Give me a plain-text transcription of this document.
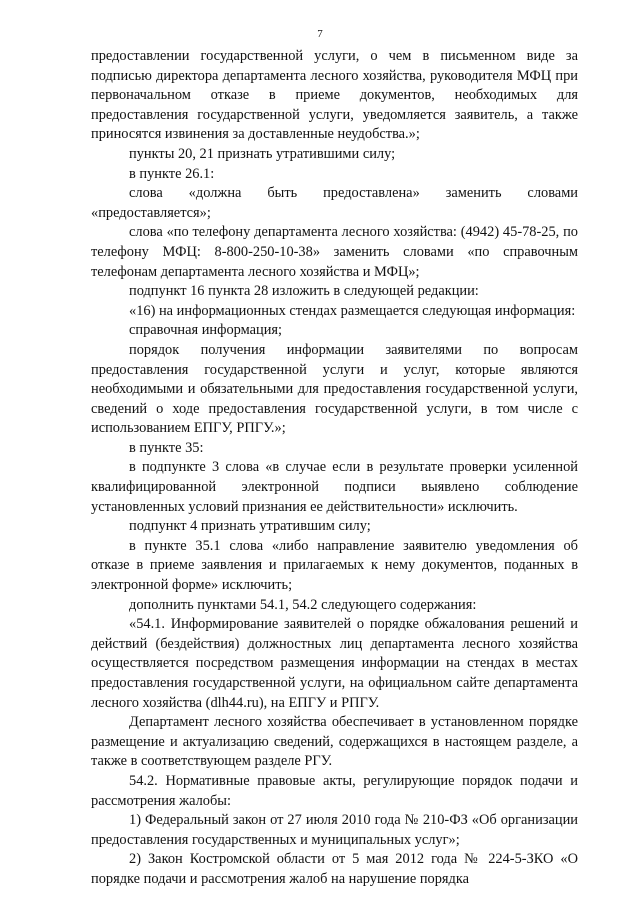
7

предоставлении государственной услуги, о чем в письменном виде за подписью директора департамента лесного хозяйства, руководителя МФЦ при первоначальном отказе в приеме документов, необходимых для предоставления государственной услуги, уведомляется заявитель, а также приносятся извинения за доставленные неудобства.»;

пункты 20, 21 признать утратившими силу;

в пункте 26.1:

слова «должна быть предоставлена» заменить словами «предоставляется»;

слова «по телефону департамента лесного хозяйства: (4942) 45-78-25, по телефону МФЦ: 8-800-250-10-38» заменить словами «по справочным телефонам департамента лесного хозяйства и МФЦ»;

подпункт 16 пункта 28 изложить в следующей редакции:

«16) на информационных стендах размещается следующая информация:

справочная информация;

порядок получения информации заявителями по вопросам предоставления государственной услуги и услуг, которые являются необходимыми и обязательными для предоставления государственной услуги, сведений о ходе предоставления государственной услуги, в том числе с использованием ЕПГУ, РПГУ.»;

в пункте 35:

в подпункте 3 слова «в случае если в результате проверки усиленной квалифицированной электронной подписи выявлено соблюдение установленных условий признания ее действительности» исключить.

подпункт 4 признать утратившим силу;

в пункте 35.1 слова «либо направление заявителю уведомления об отказе в приеме заявления и прилагаемых к нему документов, поданных в электронной форме» исключить;

дополнить пунктами 54.1, 54.2 следующего содержания:

«54.1. Информирование заявителей о порядке обжалования решений и действий (бездействия) должностных лиц департамента лесного хозяйства осуществляется посредством размещения информации на стендах в местах предоставления государственной услуги, на официальном сайте департамента лесного хозяйства (dlh44.ru), на ЕПГУ и РПГУ.

Департамент лесного хозяйства обеспечивает в установленном порядке размещение и актуализацию сведений, содержащихся в настоящем разделе, а также в соответствующем разделе РГУ.

54.2. Нормативные правовые акты, регулирующие порядок подачи и рассмотрения жалобы:

1) Федеральный закон от 27 июля 2010 года № 210-ФЗ «Об организации предоставления государственных и муниципальных услуг»;

2) Закон Костромской области от 5 мая 2012 года № 224-5-ЗКО «О порядке подачи и рассмотрения жалоб на нарушение порядка
